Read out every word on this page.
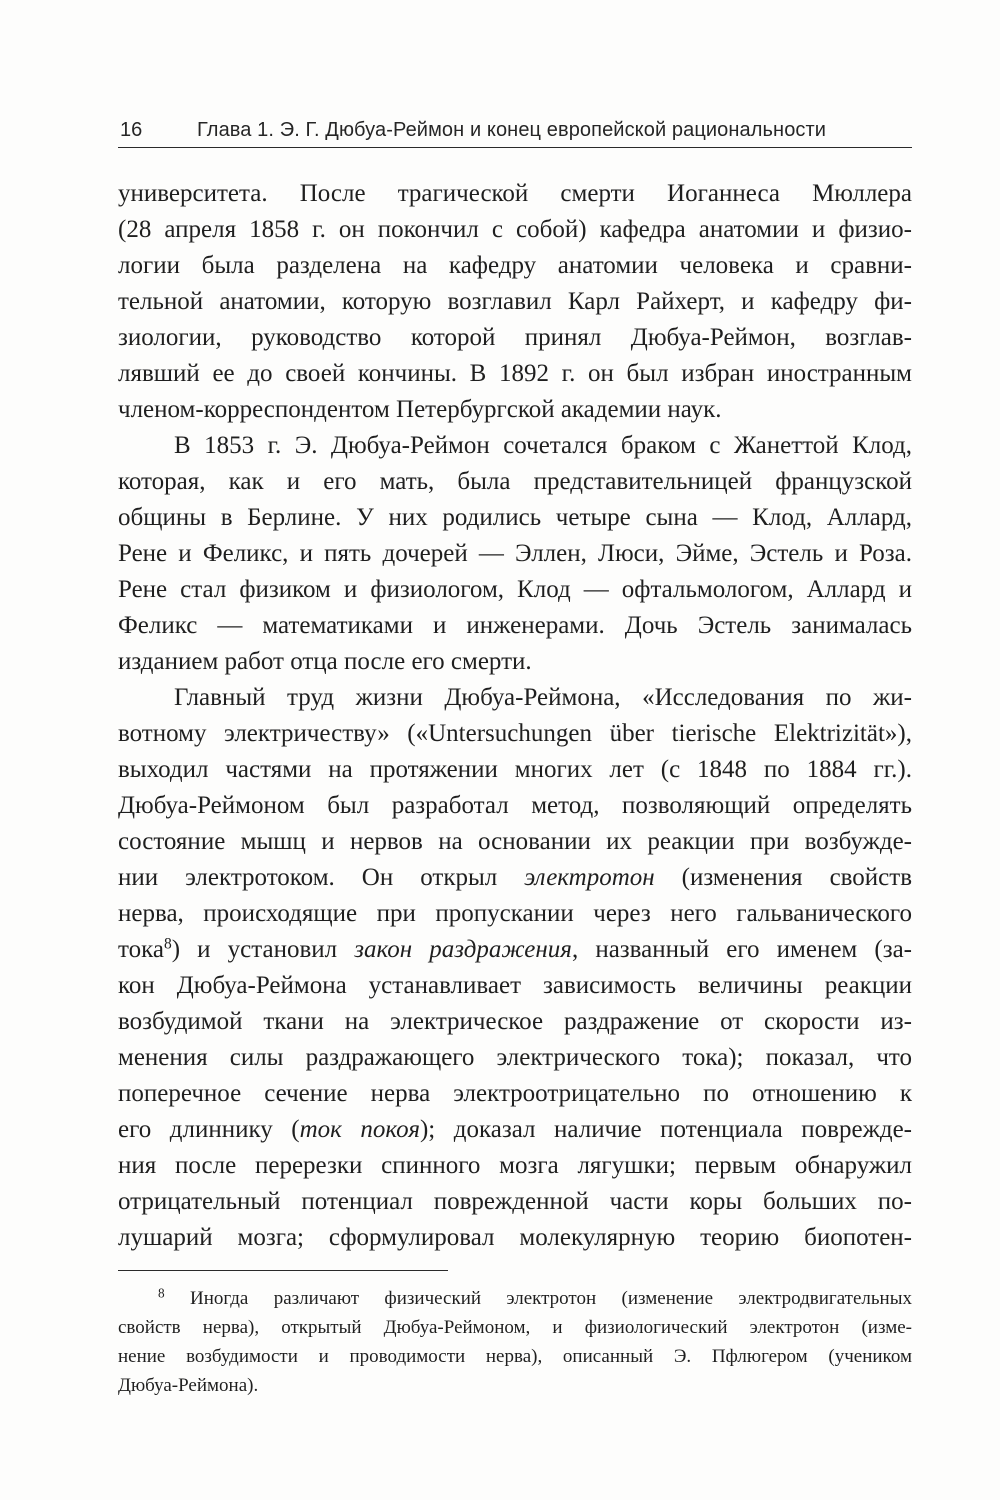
16	Глава 1. Э. Г. Дюбуа-Реймон и конец европейской рациональности
университета. После трагической смерти Иоганнеса Мюллера
(28 апреля 1858 г. он покончил с собой) кафедра анатомии и физио-
логии была разделена на кафедру анатомии человека и сравни-
тельной анатомии, которую возглавил Карл Райхерт, и кафедру фи-
зиологии, руководство которой принял Дюбуа-Реймон, возглав-
лявший ее до своей кончины. В 1892 г. он был избран иностранным
членом-корреспондентом Петербургской академии наук.
В 1853 г. Э. Дюбуа-Реймон сочетался браком с Жанеттой Клод,
которая, как и его мать, была представительницей французской
общины в Берлине. У них родились четыре сына — Клод, Аллард,
Рене и Феликс, и пять дочерей — Эллен, Люси, Эйме, Эстель и Роза.
Рене стал физиком и физиологом, Клод — офтальмологом, Аллард и
Феликс — математиками и инженерами. Дочь Эстель занималась
изданием работ отца после его смерти.
Главный труд жизни Дюбуа-Реймона, «Исследования по жи-
вотному электричеству» («Untersuchungen über tierische Elektrizität»),
выходил частями на протяжении многих лет (с 1848 по 1884 гг.).
Дюбуа-Реймоном был разработал метод, позволяющий определять
состояние мышц и нервов на основании их реакции при возбужде-
нии электротоком. Он открыл электротон (изменения свойств
нерва, происходящие при пропускании через него гальванического
тока$^8$) и установил закон раздражения, названный его именем (за-
кон Дюбуа-Реймона устанавливает зависимость величины реакции
возбудимой ткани на электрическое раздражение от скорости из-
менения силы раздражающего электрического тока); показал, что
поперечное сечение нерва электроотрицательно по отношению к
его длиннику (ток покоя); доказал наличие потенциала поврежде-
ния после перерезки спинного мозга лягушки; первым обнаружил
отрицательный потенциал поврежденной части коры больших по-
лушарий мозга; сформулировал молекулярную теорию биопотен-
$^8$ Иногда различают физический электротон (изменение электродвигательных
свойств нерва), открытый Дюбуа-Реймоном, и физиологический электротон (изме-
нение возбудимости и проводимости нерва), описанный Э. Пфлюгером (учеником
Дюбуа-Реймона).
